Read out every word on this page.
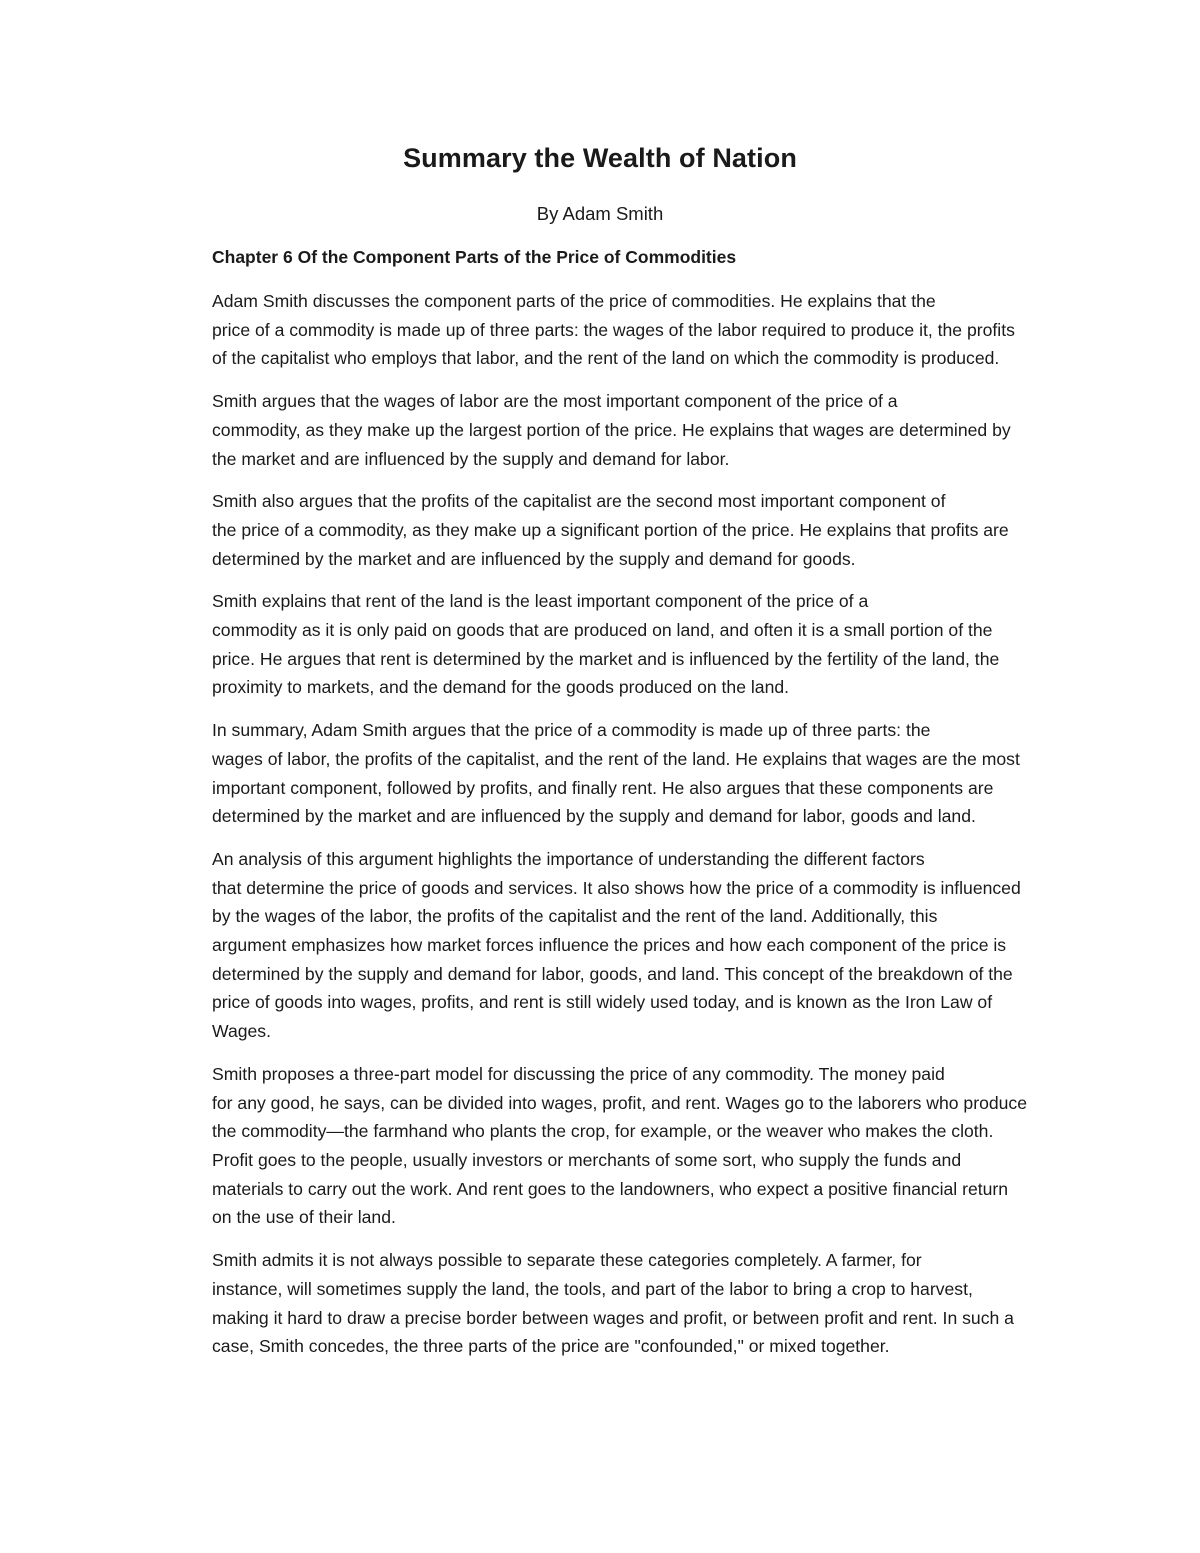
Summary the Wealth of Nation

By Adam Smith

Chapter 6 Of the Component Parts of the Price of Commodities

Adam Smith discusses the component parts of the price of commodities. He explains that the
price of a commodity is made up of three parts: the wages of the labor required to produce it, the profits
of the capitalist who employs that labor, and the rent of the land on which the commodity is produced.

Smith argues that the wages of labor are the most important component of the price of a
commodity, as they make up the largest portion of the price. He explains that wages are determined by
the market and are influenced by the supply and demand for labor.

Smith also argues that the profits of the capitalist are the second most important component of
the price of a commodity, as they make up a significant portion of the price. He explains that profits are
determined by the market and are influenced by the supply and demand for goods.

Smith explains that rent of the land is the least important component of the price of a
commodity as it is only paid on goods that are produced on land, and often it is a small portion of the
price. He argues that rent is determined by the market and is influenced by the fertility of the land, the
proximity to markets, and the demand for the goods produced on the land.

In summary, Adam Smith argues that the price of a commodity is made up of three parts: the
wages of labor, the profits of the capitalist, and the rent of the land. He explains that wages are the most
important component, followed by profits, and finally rent. He also argues that these components are
determined by the market and are influenced by the supply and demand for labor, goods and land.

An analysis of this argument highlights the importance of understanding the different factors
that determine the price of goods and services. It also shows how the price of a commodity is influenced
by the wages of the labor, the profits of the capitalist and the rent of the land. Additionally, this
argument emphasizes how market forces influence the prices and how each component of the price is
determined by the supply and demand for labor, goods, and land. This concept of the breakdown of the
price of goods into wages, profits, and rent is still widely used today, and is known as the Iron Law of
Wages.

Smith proposes a three-part model for discussing the price of any commodity. The money paid
for any good, he says, can be divided into wages, profit, and rent. Wages go to the laborers who produce
the commodity—the farmhand who plants the crop, for example, or the weaver who makes the cloth.
Profit goes to the people, usually investors or merchants of some sort, who supply the funds and
materials to carry out the work. And rent goes to the landowners, who expect a positive financial return
on the use of their land.

Smith admits it is not always possible to separate these categories completely. A farmer, for
instance, will sometimes supply the land, the tools, and part of the labor to bring a crop to harvest,
making it hard to draw a precise border between wages and profit, or between profit and rent. In such a
case, Smith concedes, the three parts of the price are "confounded," or mixed together.
